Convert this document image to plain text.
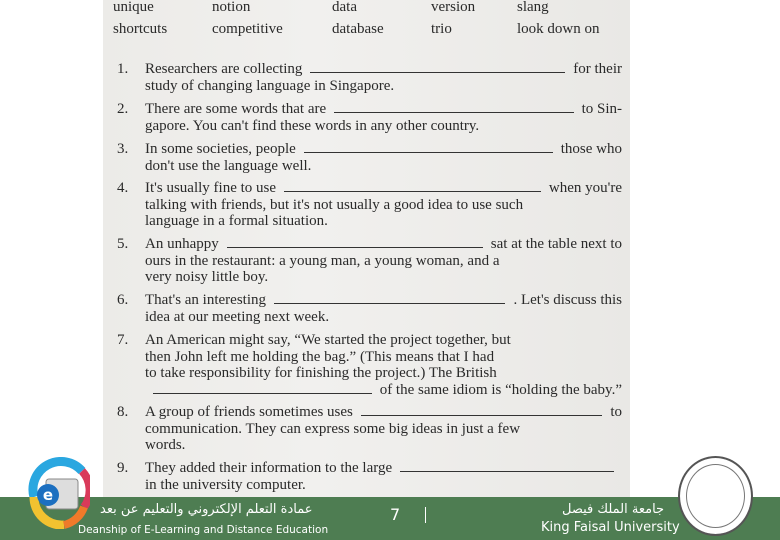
unique	notion	data	version	slang
shortcuts	competitive	database	trio	look down on
1. Researchers are collecting	for their
study of changing language in Singapore.
2. There are some words that are	to Sin-
gapore. You can't find these words in any other country.
3. In some societies, people	those who
don't use the language well.
4. It's usually fine to use	when you're
talking with friends, but it's not usually a good idea to use such
language in a formal situation.
5. An unhappy	sat at the table next to
ours in the restaurant: a young man, a young woman, and a
very noisy little boy.
6. That's an interesting	. Let's discuss this
idea at our meeting next week.
7. An American might say, “We started the project together, but
then John left me holding the bag.” (This means that I had
to take responsibility for finishing the project.) The British
of the same idiom is “holding the baby.”
8. A group of friends sometimes uses	to
communication. They can express some big ideas in just a few
words.
9. They added their information to the large
in the university computer.
عمادة التعلم الإلكتروني والتعليم عن بعد
Deanship of E-Learning and Distance Education
7	جامعة الملك فيصل
King Faisal University
e
